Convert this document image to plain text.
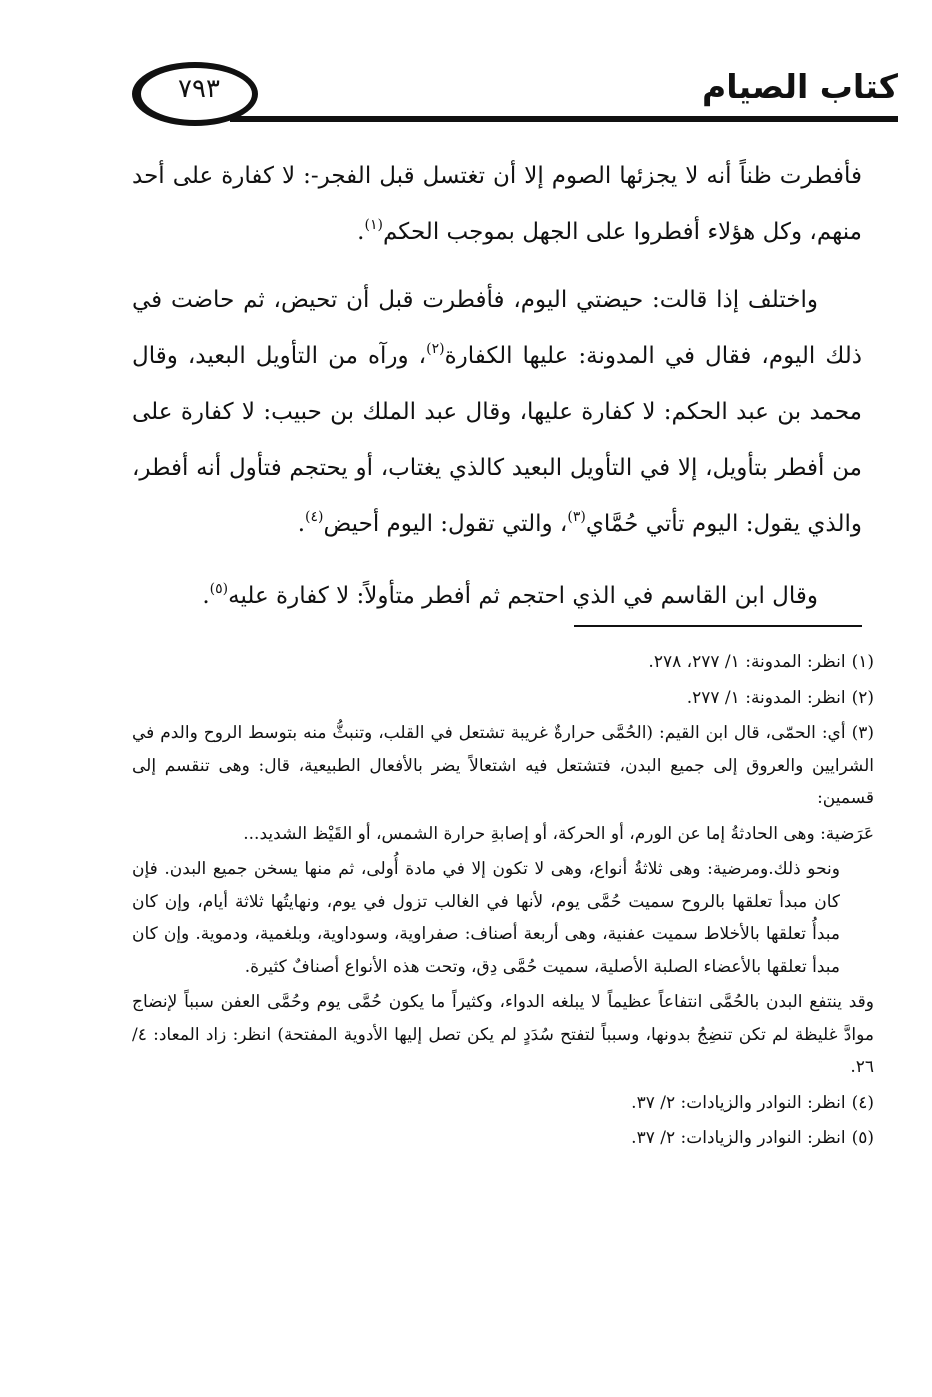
كتاب الصيام
٧٩٣

فأفطرت ظناً أنه لا يجزئها الصوم إلا أن تغتسل قبل الفجر-: لا كفارة على أحد منهم، وكل هؤلاء أفطروا على الجهل بموجب الحكم$^{(١)}$.

واختلف إذا قالت: حيضتي اليوم، فأفطرت قبل أن تحيض، ثم حاضت في ذلك اليوم، فقال في المدونة: عليها الكفارة$^{(٢)}$، ورآه من التأويل البعيد، وقال محمد بن عبد الحكم: لا كفارة عليها، وقال عبد الملك بن حبيب: لا كفارة على من أفطر بتأويل، إلا في التأويل البعيد كالذي يغتاب، أو يحتجم فتأول أنه أفطر، والذي يقول: اليوم تأتي حُمَّاي$^{(٣)}$، والتي تقول: اليوم أحيض$^{(٤)}$.

وقال ابن القاسم في الذي احتجم ثم أفطر متأولاً: لا كفارة عليه$^{(٥)}$.

(١)انظر: المدونة: ١/ ٢٧٧، ٢٧٨.
(٢)انظر: المدونة: ١/ ٢٧٧.
(٣)أي: الحمّى، قال ابن القيم: (الحُمَّى حرارةٌ غريبة تشتعل في القلب، وتنبثُّ منه بتوسط الروح والدم في الشرايين والعروق إلى جميع البدن، فتشتعل فيه اشتعالاً يضر بالأفعال الطبيعية، قال: وهى تنقسم إلى قسمين:
عَرَضية: وهى الحادثةُ إما عن الورم، أو الحركة، أو إصابةِ حرارة الشمس، أو القَيْظ الشديد...
ونحو ذلك.ومرضية: وهى ثلاثةُ أنواع، وهى لا تكون إلا في مادة أُولى، ثم منها يسخن جميع البدن. فإن كان مبدأ تعلقها بالروح سميت حُمَّى يوم، لأنها في الغالب تزول في يوم، ونهايتُها ثلاثة أيام، وإن كان مبدأُ تعلقها بالأخلاط سميت عفنية، وهى أربعة أصناف: صفراوية، وسوداوية، وبلغمية، ودموية. وإن كان مبدأ تعلقها بالأعضاء الصلبة الأصلية، سميت حُمَّى دِق، وتحت هذه الأنواع أصنافٌ كثيرة.
وقد ينتفع البدن بالحُمَّى انتفاعاً عظيماً لا يبلغه الدواء، وكثيراً ما يكون حُمَّى يوم وحُمَّى العفن سبباً لإنضاج موادَّ غليظة لم تكن تنضِجُ بدونها، وسبباً لتفتح سُدَدٍ لم يكن تصل إليها الأدوية المفتحة) انظر: زاد المعاد: ٤/ ٢٦.
(٤)انظر: النوادر والزيادات: ٢/ ٣٧.
(٥)انظر: النوادر والزيادات: ٢/ ٣٧.
